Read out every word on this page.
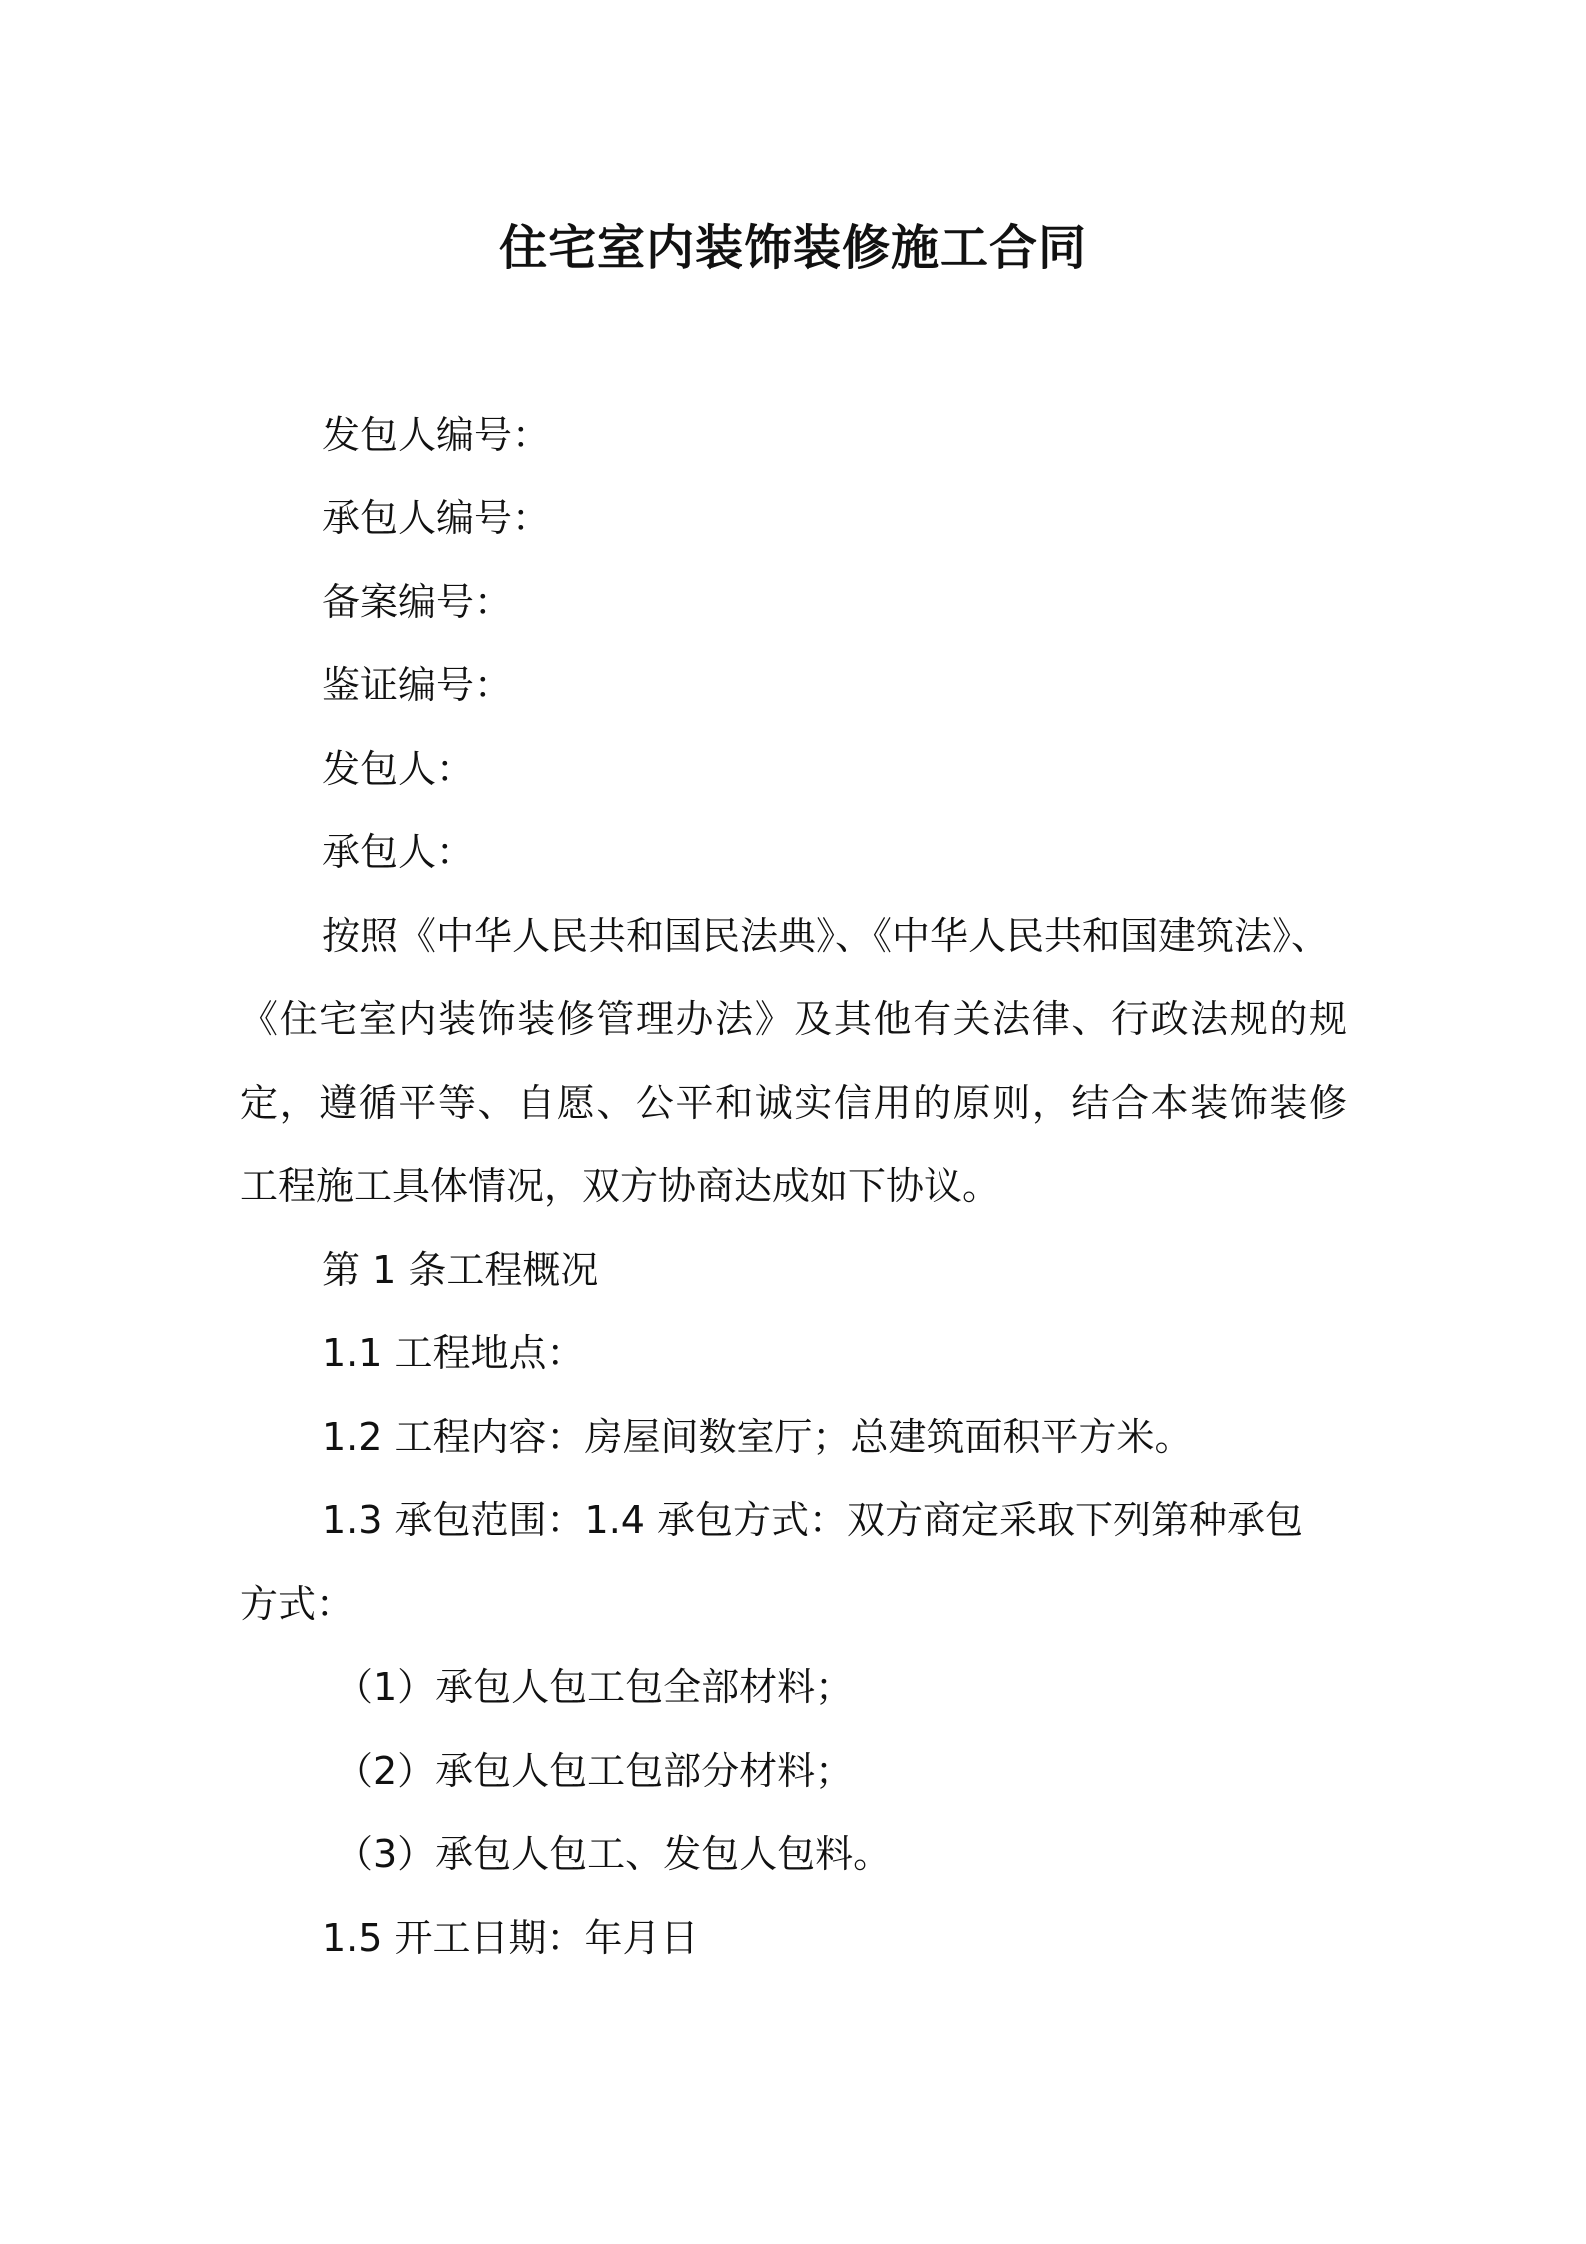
住宅室内装饰装修施工合同
发包人编号：
承包人编号：
备案编号：
鉴证编号：
发包人：
承包人：
按照《中华人民共和国民法典》、《中华人民共和国建筑法》、
《住宅室内装饰装修管理办法》及其他有关法律、行政法规的规
定，遵循平等、自愿、公平和诚实信用的原则，结合本装饰装修
工程施工具体情况，双方协商达成如下协议。
第 1 条工程概况
1.1 工程地点：
1.2 工程内容：房屋间数室厅；总建筑面积平方米。
1.3 承包范围：1.4 承包方式：双方商定采取下列第种承包
方式：
（1）承包人包工包全部材料；
（2）承包人包工包部分材料；
（3）承包人包工、发包人包料。
1.5 开工日期：年月日
